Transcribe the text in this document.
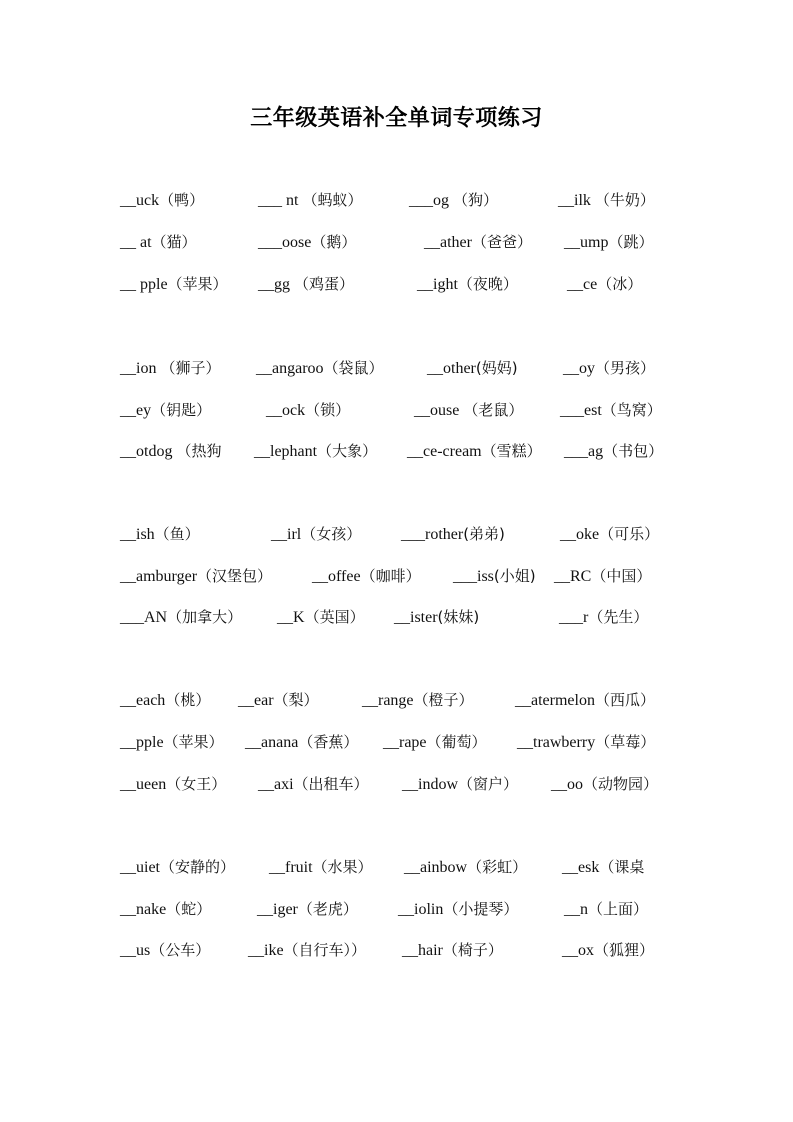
三年级英语补全单词专项练习
__uck（鸭）	___ nt （蚂蚁）	___og （狗）	__ilk （牛奶）
__ at（猫）	___oose（鹅）	__ather（爸爸） __ump（跳）
__ pple（苹果） __gg （鸡蛋）	__ight（夜晚）	__ce（冰）
__ion （狮子） __angaroo（袋鼠）	__other(妈妈)	__oy（男孩）
__ey（钥匙）	__ock（锁）	__ouse （老鼠） ___est（鸟窝）
__otdog （热狗 __lephant（大象） __ce-cream（雪糕） ___ag（书包）
__ish（鱼）	__irl（女孩） ___rother(弟弟)	__oke（可乐）
__amburger（汉堡包） __offee（咖啡） ___iss(小姐) __RC（中国）
___AN（加拿大） __K（英国） __ister(妹妹)	___r（先生）
__each（桃） __ear（梨）	__range（橙子）	__atermelon（西瓜）
__pple（苹果） __anana（香蕉） __rape（葡萄） __trawberry（草莓）
__ueen（女王） __axi（出租车） __indow（窗户） __oo（动物园）
__uiet（安静的） __fruit（水果） __ainbow（彩虹） __esk（课桌
__nake（蛇）	__iger（老虎）	__iolin（小提琴）	__n（上面）
__us（公车） __ike（自行车）） __hair（椅子）	__ox（狐狸）
